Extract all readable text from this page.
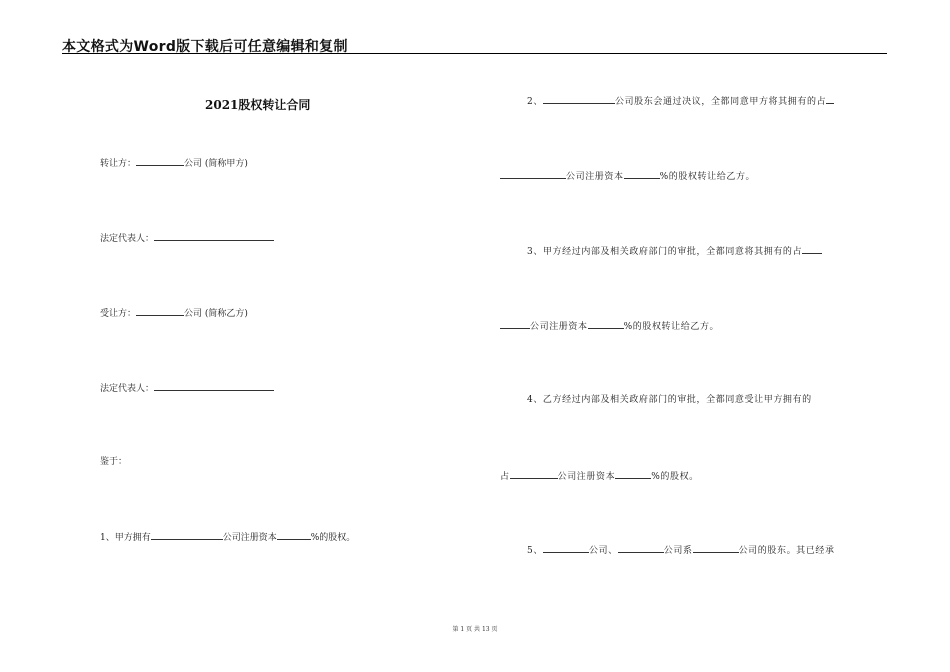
本文格式为Word版下载后可任意编辑和复制
2021股权转让合同
转让方：	公司 (简称甲方)
法定代表人：
受让方：	公司 (简称乙方)
法定代表人：
鉴于：
1、甲方拥有	公司注册资本	%的股权。
2、	公司股东会通过决议，全都同意甲方将其拥有的占
公司注册资本	%的股权转让给乙方。
3、甲方经过内部及相关政府部门的审批，全都同意将其拥有的占
公司注册资本	%的股权转让给乙方。
4、乙方经过内部及相关政府部门的审批，全都同意受让甲方拥有的
占	公司注册资本	%的股权。
5、	公司、	公司系	公司的股东。其已经承
第 1 页 共 13 页
